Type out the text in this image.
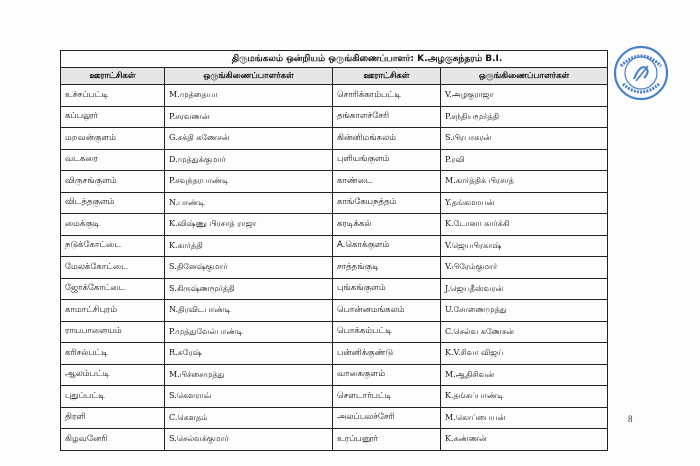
திருமங்கலம் ஒன்றியம் ஒருங்கிணைப்பாளர்: K.அழகுசுந்தரம் B.I.			
ஊராட்சிகள்	ஒருங்கிணைப்பாளர்கள்	ஊராட்சிகள்	ஒருங்கிணைப்பாளர்கள்
உச்சப்பட்டி	M.முத்தையா	சொரிக்காம்பட்டி	V.அழகுராஜா
கப்பலூர்	P.சரவணன்	தங்காளச்சேரி	P.சந்தியமூர்த்தி
மறவன்குளம்	G.சக்தி கணேசன்	கின்னிமங்கலம்	S.பிரபாகரன்
வடகரை	D.முத்துக்குமார்	புளியங்குளம்	P.ரவி
விருசங்குளம்	P.சவுந்தரபாண்டி	காண்டை	M.கார்த்திக் பிரசாத்
விடத்தகுளம்	N.பாண்டி	காங்கேயநத்தம்	Y.தங்கமாயன்
மைக்குடி	K.விஷ்ணு பிரசாத் ராஜா	கரடிக்கல்	K.டோனா கார்க்கி
நடுக்கோட்டை	K.கார்த்தி	A.கொக்குளம்	V.ஜெயபிரகாஷ்
மேலக்கோட்டை	S.தினேஷ்குமார்	சாத்தங்குடி	V.பிரேம்குமார்
ஜோக்கோட்டை	S.கிருஷ்ணமூர்த்தி	புங்கங்குளம்	J.ஜெயதீஸ்வரன்
காமாட்சிபுரம்	N.திரவிடபாண்டி	பொன்னமங்கலம்	U.சோணைமுத்து
ராயபாளையம்	P.முத்துவேல்பாண்டி	பொக்கம்பட்டி	C.செல்வ கணேசன்
கரிசல்பட்டி	R.சுரேஷ்	பன்னிக்குண்டு	K.V.சிவா விஜய்
ஆலம்பட்டி	M.பிச்சைமுத்து	வாகைகுளம்	M.ஆதிசிவன்
புதுப்பட்டி	S.கௌராவ்	செளடார்பட்டி	K.தங்கப்பாண்டி
திரளி	C.கௌதம்	அலப்பலச்சேரி	M.கொப்பையன்
கிழவனேரி	S.செல்வக்குமார்	உரப்பனூர்	K.கண்ணன்
8
